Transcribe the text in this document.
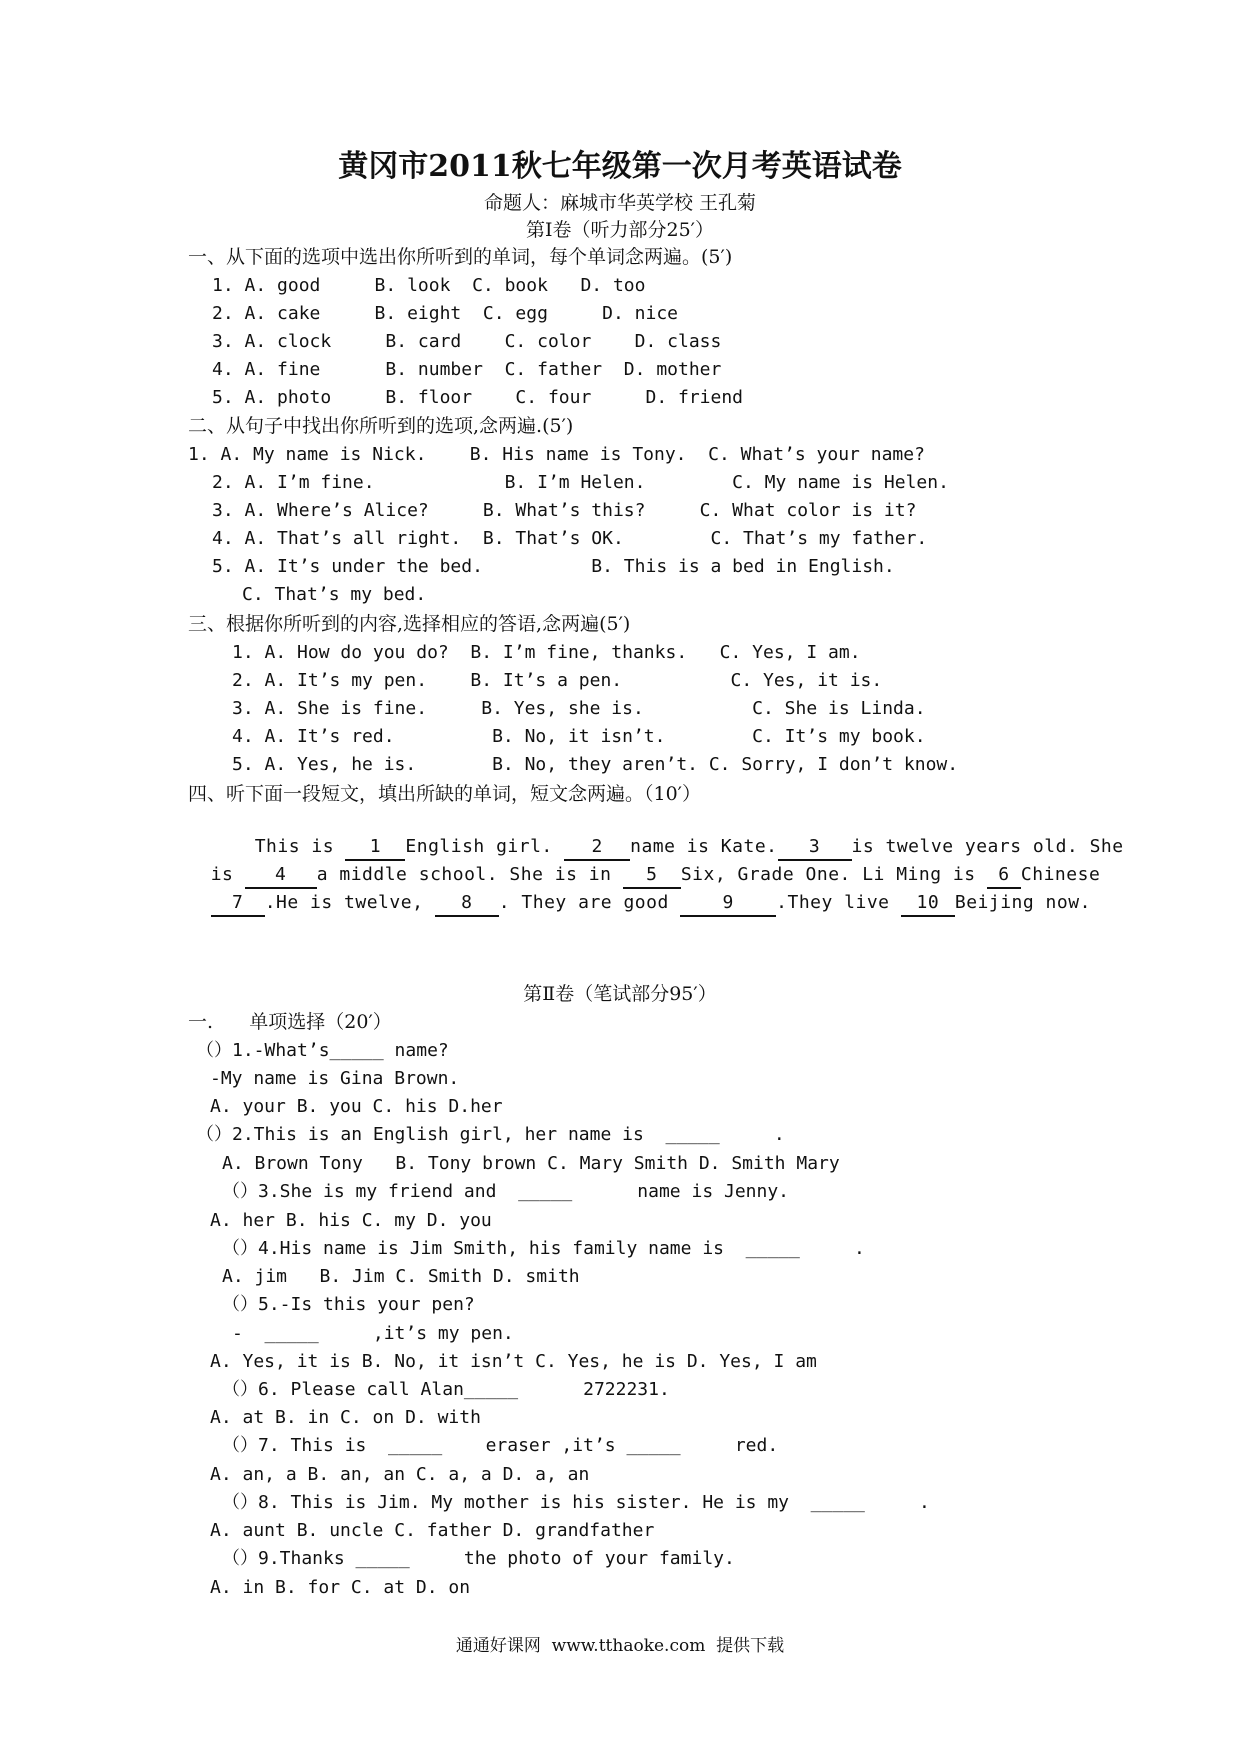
黄冈市2011秋七年级第一次月考英语试卷
命题人：麻城市华英学校 王孔菊
第Ⅰ卷（听力部分25′）
一、从下面的选项中选出你所听到的单词，每个单词念两遍。(5′)
1. A. good     B. look  C. book   D. too
2. A. cake     B. eight  C. egg     D. nice
3. A. clock     B. card    C. color    D. class
4. A. fine      B. number  C. father  D. mother
5. A. photo     B. floor    C. four     D. friend
二、从句子中找出你所听到的选项,念两遍.(5′)
1. A. My name is Nick.    B. His name is Tony.  C. What’s your name?
2. A. I’m fine.            B. I’m Helen.        C. My name is Helen.
3. A. Where’s Alice?     B. What’s this?     C. What color is it?
4. A. That’s all right.  B. That’s OK.        C. That’s my father.
5. A. It’s under the bed.          B. This is a bed in English.
C. That’s my bed.
三、根据你所听到的内容,选择相应的答语,念两遍(5′)
1. A. How do you do?  B. I’m fine, thanks.   C. Yes, I am.
2. A. It’s my pen.    B. It’s a pen.          C. Yes, it is.
3. A. She is fine.     B. Yes, she is.          C. She is Linda.
4. A. It’s red.         B. No, it isn’t.        C. It’s my book.
5. A. Yes, he is.       B. No, they aren’t. C. Sorry, I don’t know.
四、听下面一段短文，填出所缺的单词，短文念两遍。（10′）

This is 1 English girl. 2 name is Kate. 3 is twelve years old. She

is 4 a middle school. She is in 5 Six, Grade One. Li Ming is 6 Chinese

7 .He is twelve, 8 . They are good 9 .They live 10 Beijing now.

第Ⅱ卷（笔试部分95′）
一.      单项选择（20′）
（）1.-What’s_____ name?
-My name is Gina Brown.
A. your B. you C. his D.her
（）2.This is an English girl, her name is  _____     .
A. Brown Tony   B. Tony brown C. Mary Smith D. Smith Mary
（）3.She is my friend and  _____      name is Jenny.
A. her B. his C. my D. you
（）4.His name is Jim Smith, his family name is  _____     .
A. jim   B. Jim C. Smith D. smith
（）5.-Is this your pen?
-  _____     ,it’s my pen.
A. Yes, it is B. No, it isn’t C. Yes, he is D. Yes, I am
（）6. Please call Alan_____      2722231.
A. at B. in C. on D. with
（）7. This is  _____    eraser ,it’s _____     red.
A. an, a B. an, an C. a, a D. a, an
（）8. This is Jim. My mother is his sister. He is my  _____     .
A. aunt B. uncle C. father D. grandfather
（）9.Thanks _____     the photo of your family.
A. in B. for C. at D. on
通通好课网  www.tthaoke.com  提供下载
